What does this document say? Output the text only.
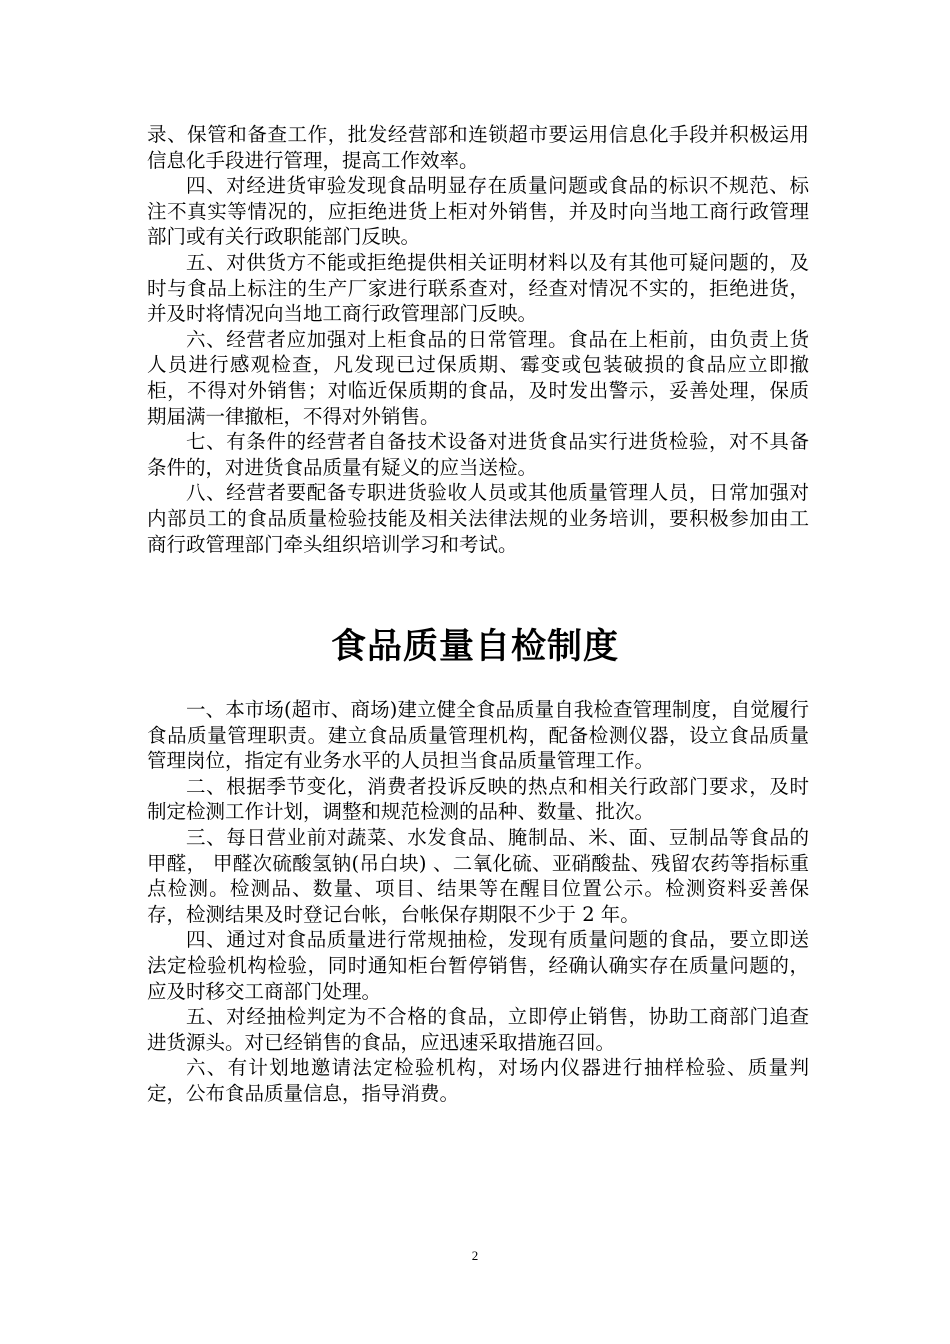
录、保管和备查工作，批发经营部和连锁超市要运用信息化手段并积极运用信息化手段进行管理，提高工作效率。

四、对经进货审验发现食品明显存在质量问题或食品的标识不规范、标注不真实等情况的，应拒绝进货上柜对外销售，并及时向当地工商行政管理部门或有关行政职能部门反映。

五、对供货方不能或拒绝提供相关证明材料以及有其他可疑问题的，及时与食品上标注的生产厂家进行联系查对，经查对情况不实的，拒绝进货，并及时将情况向当地工商行政管理部门反映。

六、经营者应加强对上柜食品的日常管理。食品在上柜前，由负责上货人员进行感观检查，凡发现已过保质期、霉变或包装破损的食品应立即撤柜，不得对外销售；对临近保质期的食品，及时发出警示，妥善处理，保质期届满一律撤柜，不得对外销售。

七、有条件的经营者自备技术设备对进货食品实行进货检验，对不具备条件的，对进货食品质量有疑义的应当送检。

八、经营者要配备专职进货验收人员或其他质量管理人员，日常加强对内部员工的食品质量检验技能及相关法律法规的业务培训，要积极参加由工商行政管理部门牵头组织培训学习和考试。

食品质量自检制度

一、本市场(超市、商场)建立健全食品质量自我检查管理制度，自觉履行食品质量管理职责。建立食品质量管理机构，配备检测仪器，设立食品质量管理岗位，指定有业务水平的人员担当食品质量管理工作。

二、根据季节变化，消费者投诉反映的热点和相关行政部门要求，及时制定检测工作计划，调整和规范检测的品种、数量、批次。

三、每日营业前对蔬菜、水发食品、腌制品、米、面、豆制品等食品的甲醛， 甲醛次硫酸氢钠(吊白块) 、二氧化硫、亚硝酸盐、残留农药等指标重点检测。检测品、数量、项目、结果等在醒目位置公示。检测资料妥善保存，检测结果及时登记台帐，台帐保存期限不少于 2 年。

四、通过对食品质量进行常规抽检，发现有质量问题的食品，要立即送法定检验机构检验，同时通知柜台暂停销售，经确认确实存在质量问题的，应及时移交工商部门处理。

五、对经抽检判定为不合格的食品，立即停止销售，协助工商部门追查进货源头。对已经销售的食品，应迅速采取措施召回。

六、有计划地邀请法定检验机构，对场内仪器进行抽样检验、质量判定，公布食品质量信息，指导消费。

2
